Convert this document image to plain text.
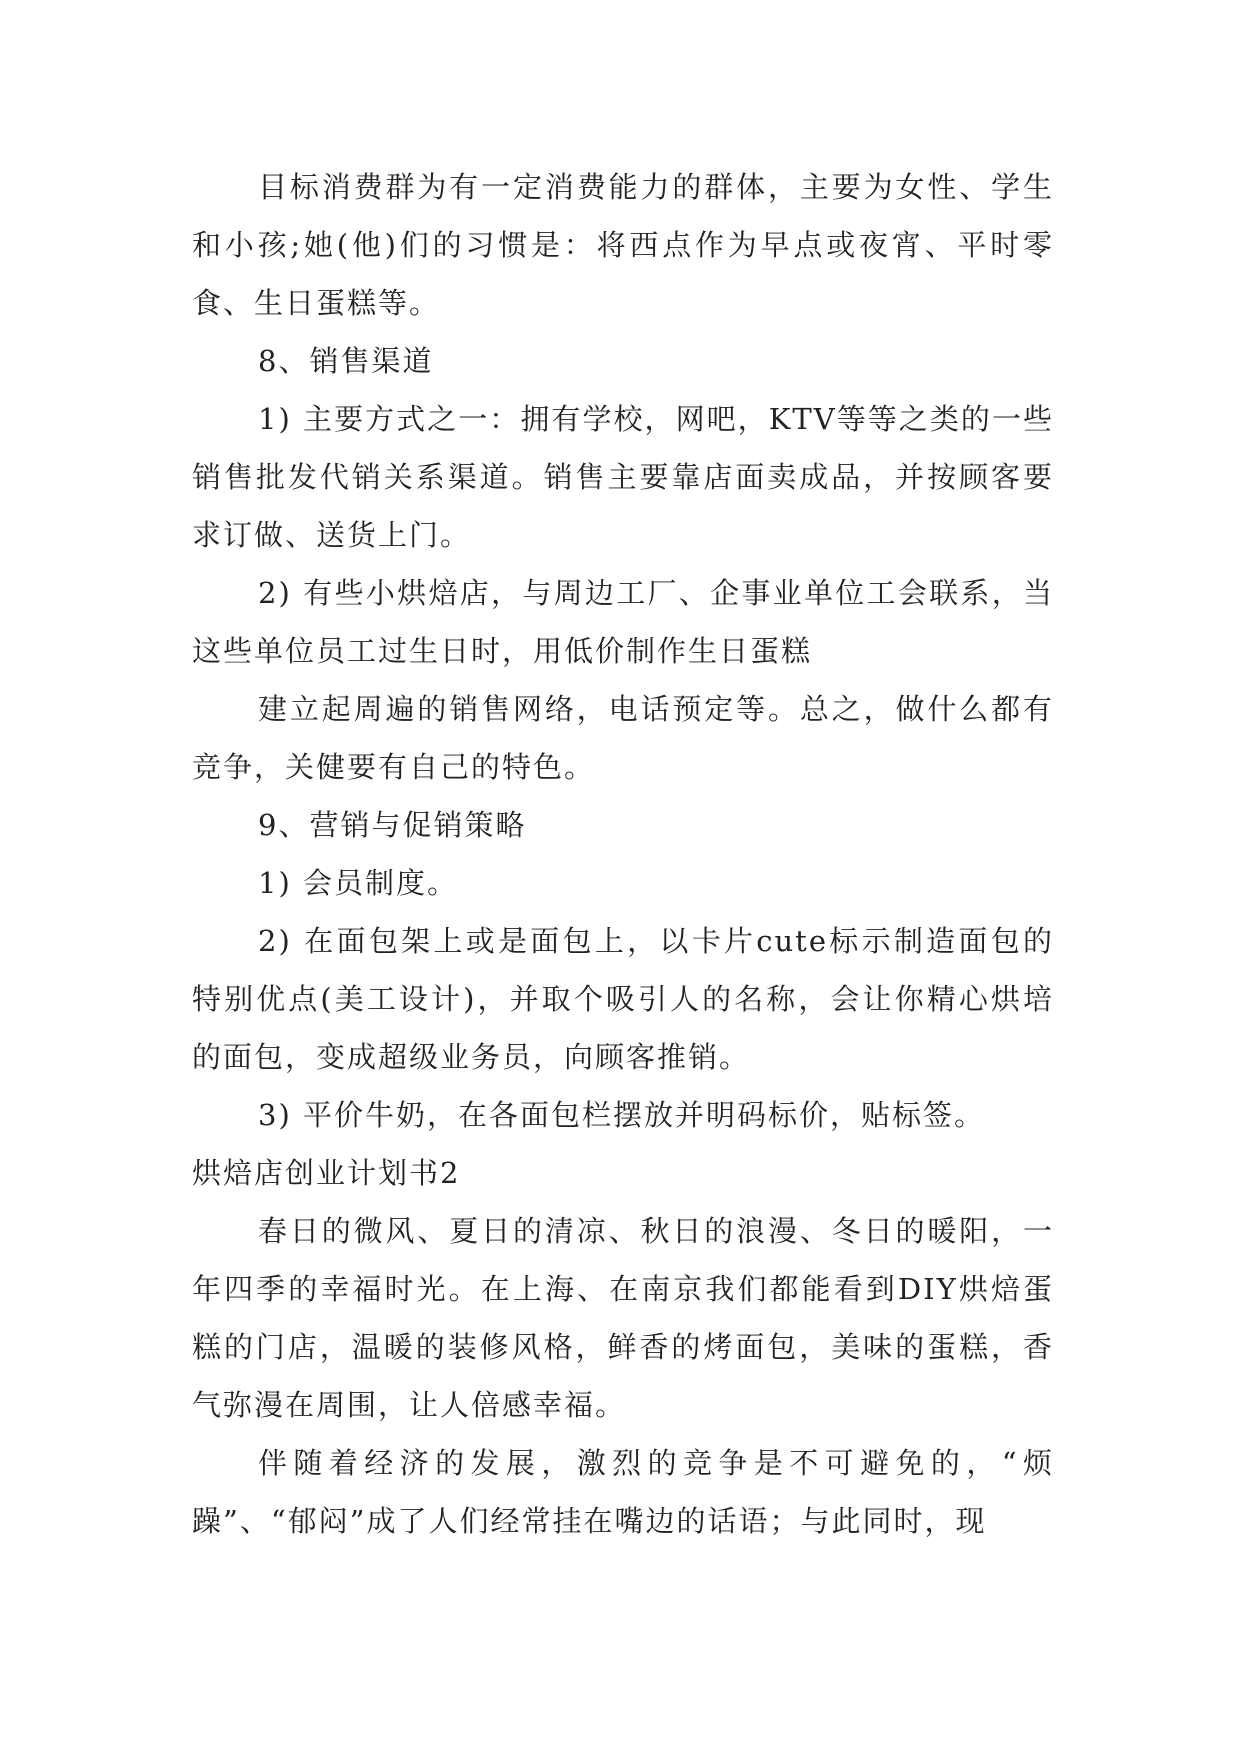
目标消费群为有一定消费能力的群体，主要为女性、学生和小孩;她(他)们的习惯是：将西点作为早点或夜宵、平时零食、生日蛋糕等。

8、销售渠道

1) 主要方式之一：拥有学校，网吧，KTV等等之类的一些销售批发代销关系渠道。销售主要靠店面卖成品，并按顾客要求订做、送货上门。

2) 有些小烘焙店，与周边工厂、企事业单位工会联系，当这些单位员工过生日时，用低价制作生日蛋糕

建立起周遍的销售网络，电话预定等。总之，做什么都有竞争，关健要有自己的特色。

9、营销与促销策略

1) 会员制度。

2) 在面包架上或是面包上，以卡片cute标示制造面包的特别优点(美工设计)，并取个吸引人的名称，会让你精心烘培的面包，变成超级业务员，向顾客推销。

3) 平价牛奶，在各面包栏摆放并明码标价，贴标签。

烘焙店创业计划书2

春日的微风、夏日的清凉、秋日的浪漫、冬日的暖阳，一年四季的幸福时光。在上海、在南京我们都能看到DIY烘焙蛋糕的门店，温暖的装修风格，鲜香的烤面包，美味的蛋糕，香气弥漫在周围，让人倍感幸福。

伴随着经济的发展，激烈的竞争是不可避免的，“烦躁”、“郁闷”成了人们经常挂在嘴边的话语；与此同时，现
